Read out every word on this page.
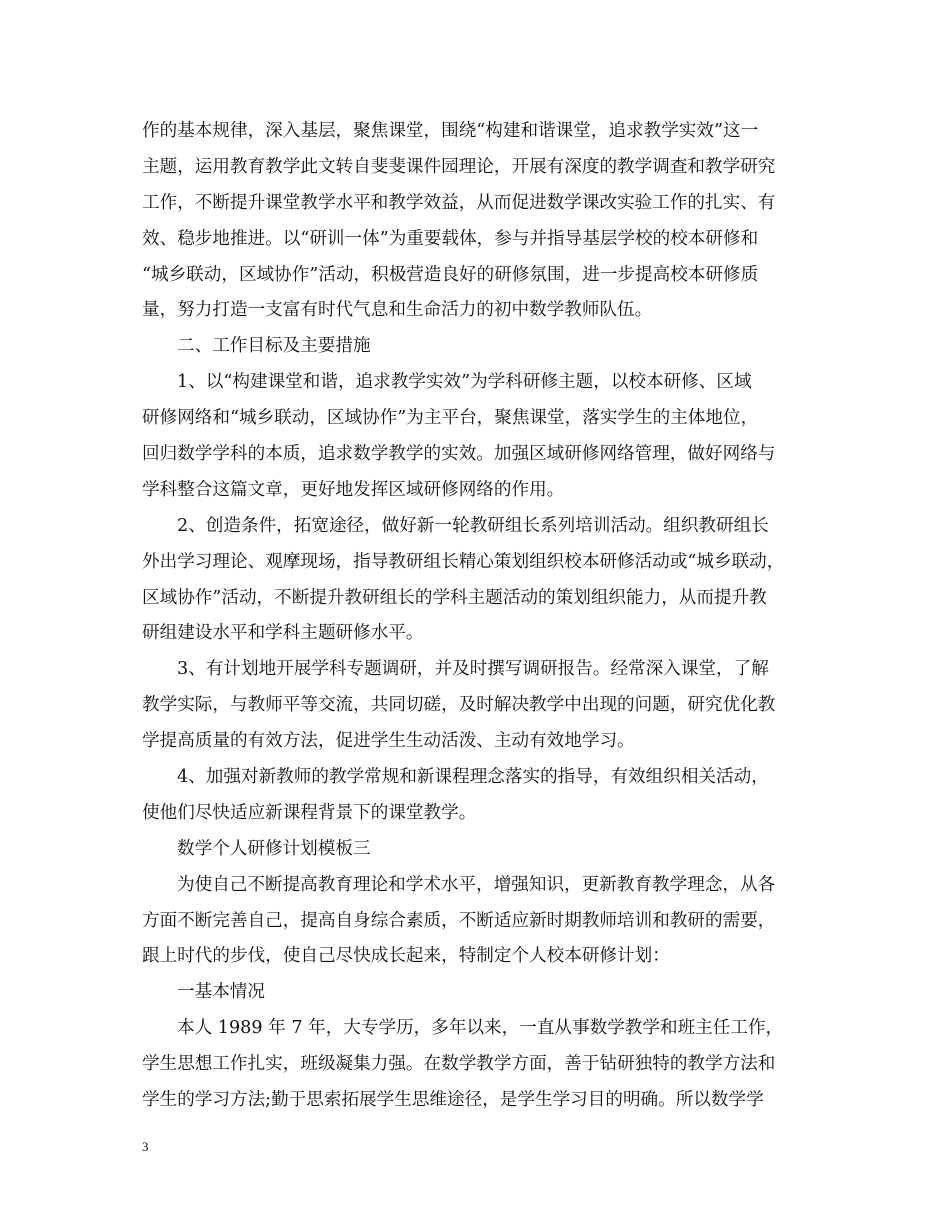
作的基本规律，深入基层，聚焦课堂，围绕“构建和谐课堂，追求教学实效”这一
主题，运用教育教学此文转自斐斐课件园理论，开展有深度的教学调查和教学研究
工作，不断提升课堂教学水平和教学效益，从而促进数学课改实验工作的扎实、有
效、稳步地推进。以“研训一体”为重要载体，参与并指导基层学校的校本研修和
“城乡联动，区域协作”活动，积极营造良好的研修氛围，进一步提高校本研修质
量，努力打造一支富有时代气息和生命活力的初中数学教师队伍。
二、工作目标及主要措施
1、以“构建课堂和谐，追求教学实效”为学科研修主题，以校本研修、区域
研修网络和“城乡联动，区域协作”为主平台，聚焦课堂，落实学生的主体地位，
回归数学学科的本质，追求数学教学的实效。加强区域研修网络管理，做好网络与
学科整合这篇文章，更好地发挥区域研修网络的作用。
2、创造条件，拓宽途径，做好新一轮教研组长系列培训活动。组织教研组长
外出学习理论、观摩现场，指导教研组长精心策划组织校本研修活动或“城乡联动，
区域协作”活动，不断提升教研组长的学科主题活动的策划组织能力，从而提升教
研组建设水平和学科主题研修水平。
3、有计划地开展学科专题调研，并及时撰写调研报告。经常深入课堂，了解
教学实际，与教师平等交流，共同切磋，及时解决教学中出现的问题，研究优化教
学提高质量的有效方法，促进学生生动活泼、主动有效地学习。
4、加强对新教师的教学常规和新课程理念落实的指导，有效组织相关活动，
使他们尽快适应新课程背景下的课堂教学。
数学个人研修计划模板三
为使自己不断提高教育理论和学术水平，增强知识，更新教育教学理念，从各
方面不断完善自己，提高自身综合素质，不断适应新时期教师培训和教研的需要，
跟上时代的步伐，使自己尽快成长起来，特制定个人校本研修计划：
一基本情况
本人 1989 年 7 年，大专学历，多年以来，一直从事数学教学和班主任工作，
学生思想工作扎实，班级凝集力强。在数学教学方面，善于钻研独特的教学方法和
学生的学习方法;勤于思索拓展学生思维途径，是学生学习目的明确。所以数学学
3
